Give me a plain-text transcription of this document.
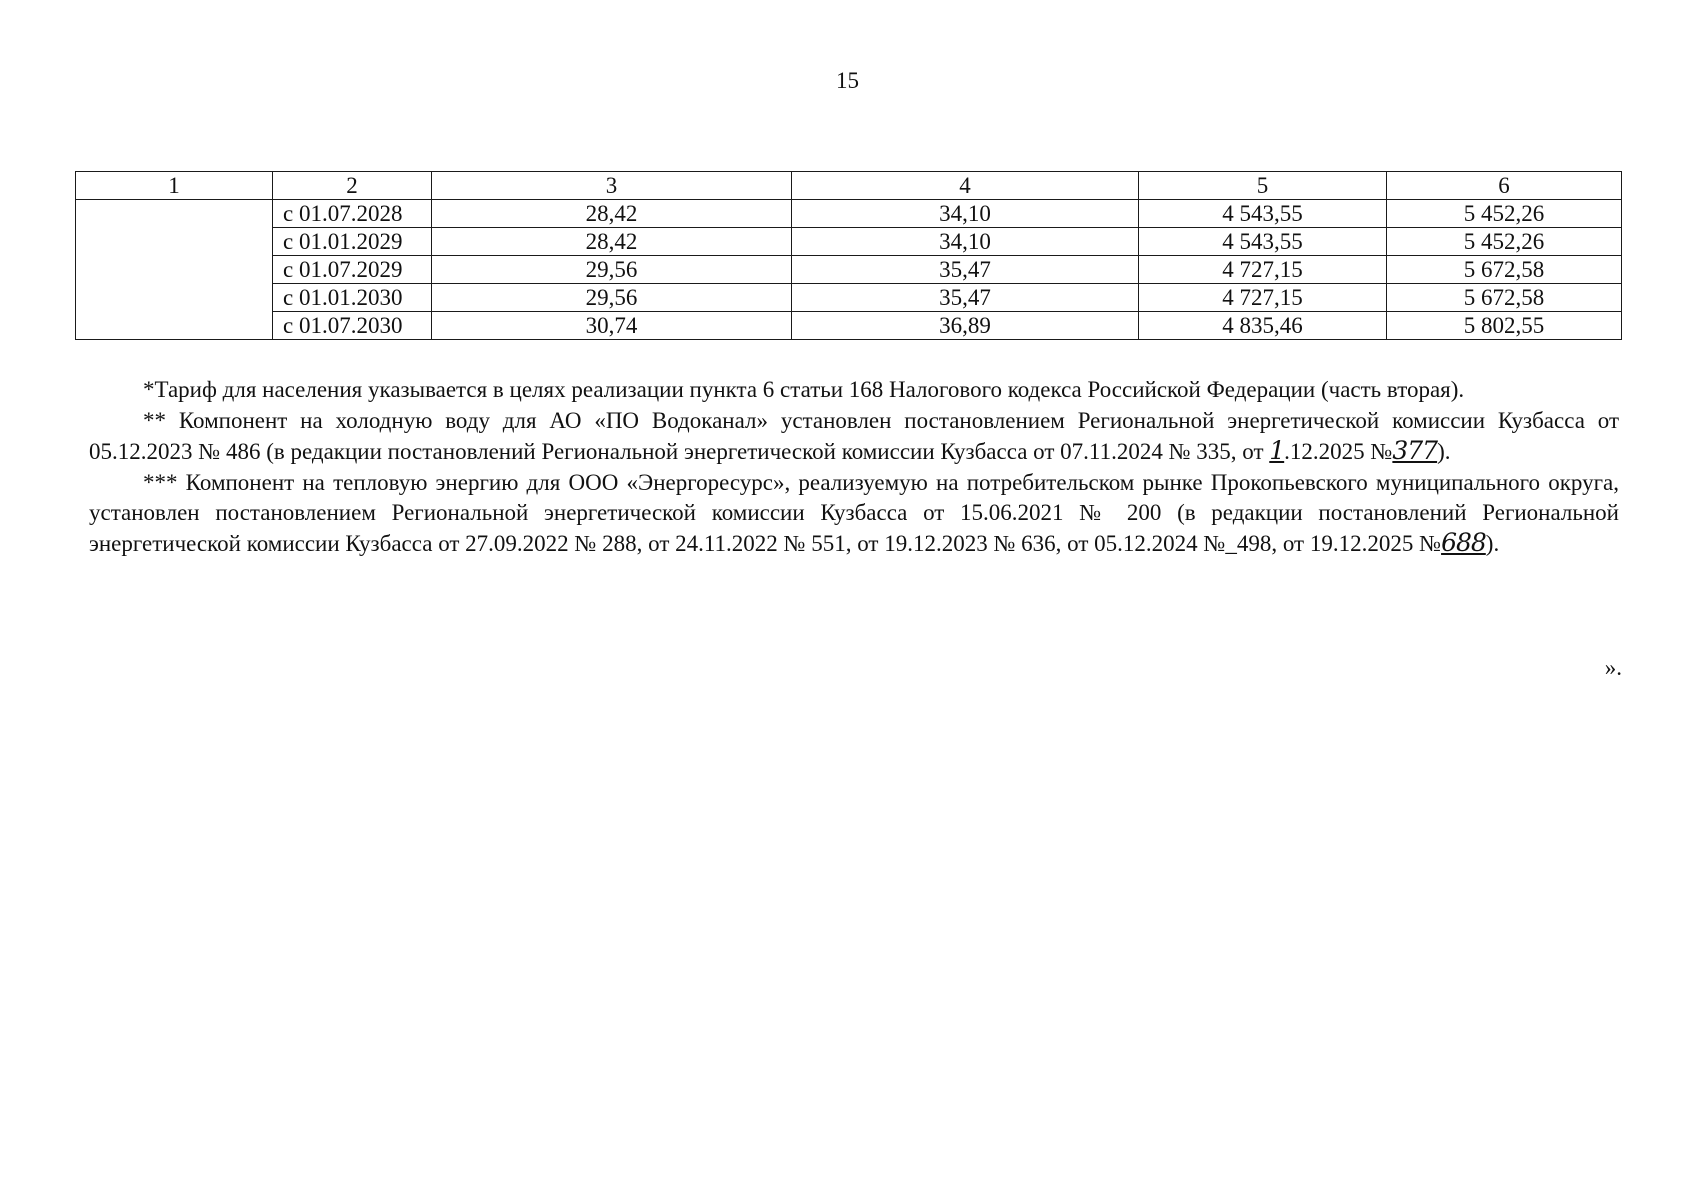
15
1	2	3	4	5	6
	с 01.07.2028	28,42	34,10	4 543,55	5 452,26
	с 01.01.2029	28,42	34,10	4 543,55	5 452,26
	с 01.07.2029	29,56	35,47	4 727,15	5 672,58
	с 01.01.2030	29,56	35,47	4 727,15	5 672,58
	с 01.07.2030	30,74	36,89	4 835,46	5 802,55

*Тариф для населения указывается в целях реализации пункта 6 статьи 168 Налогового кодекса Российской Федерации (часть вторая).

** Компонент на холодную воду для АО «ПО Водоканал» установлен постановлением Региональной энергетической комиссии Кузбасса от 05.12.2023 № 486 (в редакции постановлений Региональной энергетической комиссии Кузбасса от 07.11.2024 № 335, от 1.12.2025 №377).

*** Компонент на тепловую энергию для ООО «Энергоресурс», реализуемую на потребительском рынке Прокопьевского муниципального округа, установлен постановлением Региональной энергетической комиссии Кузбасса от 15.06.2021 № 200 (в редакции постановлений Региональной энергетической комиссии Кузбасса от 27.09.2022 № 288, от 24.11.2022 № 551, от 19.12.2023 № 636, от 05.12.2024 №_498, от 19.12.2025 №688).

».
